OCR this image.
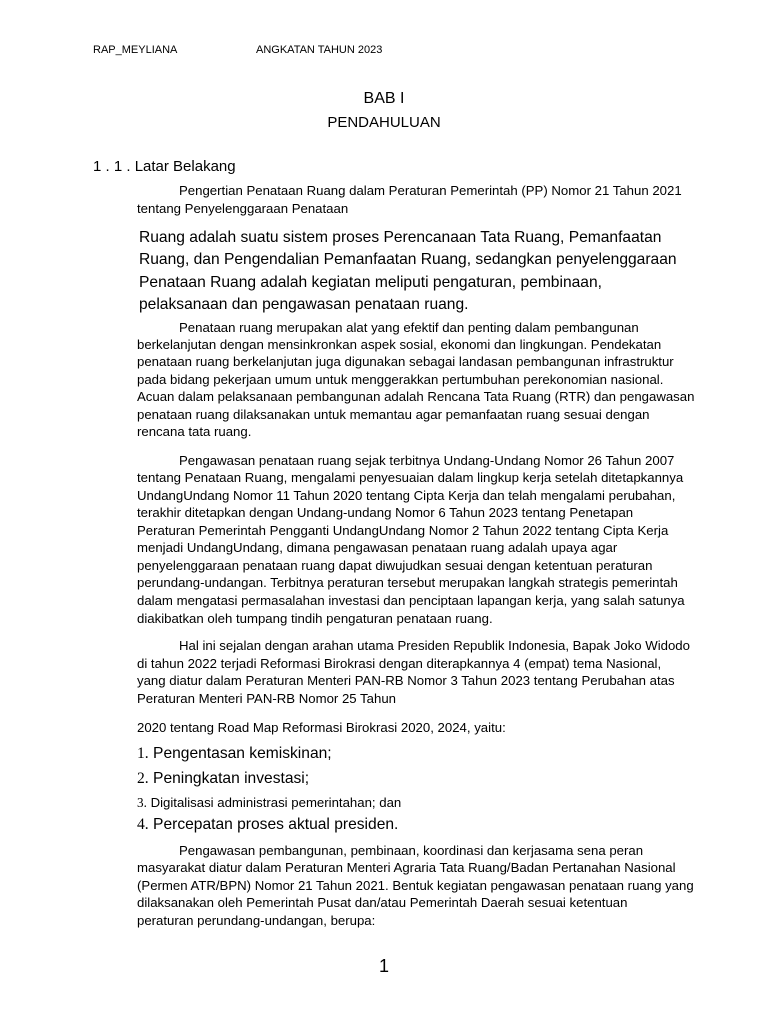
RAP_MEYLIANA	ANGKATAN TAHUN 2023
BAB I
PENDAHULUAN
1 . 1 . Latar Belakang
Pengertian Penataan Ruang dalam Peraturan Pemerintah (PP) Nomor 21 Tahun 2021
tentang Penyelenggaraan Penataan
Ruang adalah suatu sistem proses Perencanaan Tata Ruang, Pemanfaatan
Ruang, dan Pengendalian Pemanfaatan Ruang, sedangkan penyelenggaraan
Penataan Ruang adalah kegiatan meliputi pengaturan, pembinaan,
pelaksanaan dan pengawasan penataan ruang.
Penataan ruang merupakan alat yang efektif dan penting dalam pembangunan
berkelanjutan dengan mensinkronkan aspek sosial, ekonomi dan lingkungan. Pendekatan
penataan ruang berkelanjutan juga digunakan sebagai landasan pembangunan infrastruktur
pada bidang pekerjaan umum untuk menggerakkan pertumbuhan perekonomian nasional.
Acuan dalam pelaksanaan pembangunan adalah Rencana Tata Ruang (RTR) dan pengawasan
penataan ruang dilaksanakan untuk memantau agar pemanfaatan ruang sesuai dengan
rencana tata ruang.
Pengawasan penataan ruang sejak terbitnya Undang-Undang Nomor 26 Tahun 2007
tentang Penataan Ruang, mengalami penyesuaian dalam lingkup kerja setelah ditetapkannya
UndangUndang Nomor 11 Tahun 2020 tentang Cipta Kerja dan telah mengalami perubahan,
terakhir ditetapkan dengan Undang-undang Nomor 6 Tahun 2023 tentang Penetapan
Peraturan Pemerintah Pengganti UndangUndang Nomor 2 Tahun 2022 tentang Cipta Kerja
menjadi UndangUndang, dimana pengawasan penataan ruang adalah upaya agar
penyelenggaraan penataan ruang dapat diwujudkan sesuai dengan ketentuan peraturan
perundang-undangan. Terbitnya peraturan tersebut merupakan langkah strategis pemerintah
dalam mengatasi permasalahan investasi dan penciptaan lapangan kerja, yang salah satunya
diakibatkan oleh tumpang tindih pengaturan penataan ruang.
Hal ini sejalan dengan arahan utama Presiden Republik Indonesia, Bapak Joko Widodo
di tahun 2022 terjadi Reformasi Birokrasi dengan diterapkannya 4 (empat) tema Nasional,
yang diatur dalam Peraturan Menteri PAN-RB Nomor 3 Tahun 2023 tentang Perubahan atas
Peraturan Menteri PAN-RB Nomor 25 Tahun
2020 tentang Road Map Reformasi Birokrasi 2020, 2024, yaitu:
1. Pengentasan kemiskinan;
2. Peningkatan investasi;
3. Digitalisasi administrasi pemerintahan; dan
4. Percepatan proses aktual presiden.
Pengawasan pembangunan, pembinaan, koordinasi dan kerjasama sena peran
masyarakat diatur dalam Peraturan Menteri Agraria Tata Ruang/Badan Pertanahan Nasional
(Permen ATR/BPN) Nomor 21 Tahun 2021. Bentuk kegiatan pengawasan penataan ruang yang
dilaksanakan oleh Pemerintah Pusat dan/atau Pemerintah Daerah sesuai ketentuan
peraturan perundang-undangan, berupa:
1
